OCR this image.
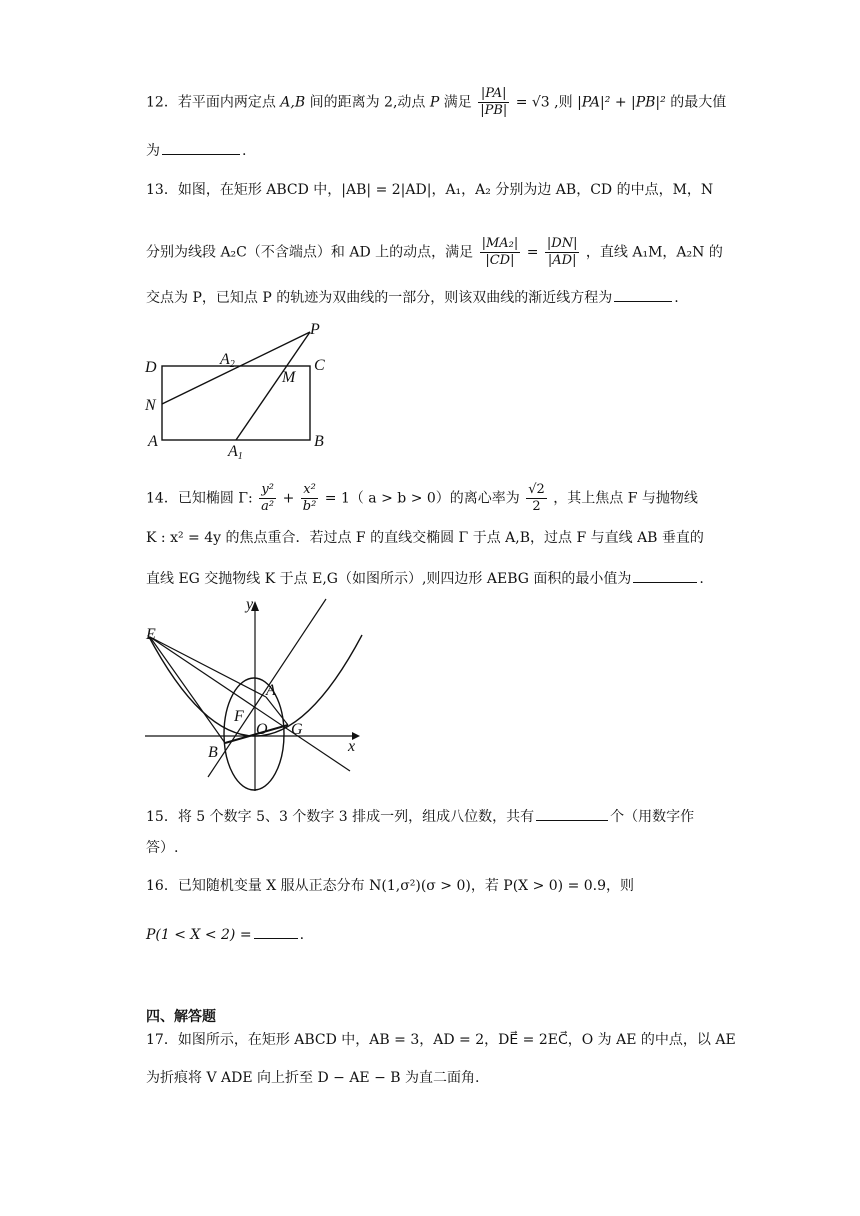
12．若平面内两定点 A,B 间的距离为 2,动点 P 满足 $\frac{|PA|}{|PB|} = √3$ ,则 |PA|² + |PB|² 的最大值
为	.
13．如图，在矩形 ABCD 中，|AB| = 2|AD|，A₁，A₂ 分别为边 AB，CD 的中点，M，N
分别为线段 A₂C（不含端点）和 AD 上的动点，满足 $\frac{\text{|MA₂|}}{|CD|} = \frac{|DN|}{|AD|}$ ，直线 A₁M，A₂N 的
交点为 P，已知点 P 的轨迹为双曲线的一部分，则该双曲线的渐近线方程为	.
D	A2	C
P
M
N
A
A1
B
14．已知椭圆 Γ: $\frac{\text{y²}}{\text{a²}} + \frac{\text{x²}}{\text{b²}} = 1$（ a > b > 0）的离心率为 $\frac{√2}{2}$ ，其上焦点 F 与抛物线
K : x² = 4y 的焦点重合．若过点 F 的直线交椭圆 Γ 于点 A,B，过点 F 与直线 AB 垂直的
直线 EG 交抛物线 K 于点 E,G（如图所示）,则四边形 AEBG 面积的最小值为	.
y
x
E
A
F
O G
B
15．将 5 个数字 5、3 个数字 3 排成一列，组成八位数，共有	个（用数字作
答）.
16．已知随机变量 X 服从正态分布 N(1,σ²)(σ > 0)，若 P(X > 0) = 0.9，则
P(1 < X < 2) =	.
四、解答题
17．如图所示，在矩形 ABCD 中，AB = 3，AD = 2，DE⃗ = 2EC⃗，O 为 AE 的中点，以 AE
为折痕将 V ADE 向上折至 D − AE − B 为直二面角.
